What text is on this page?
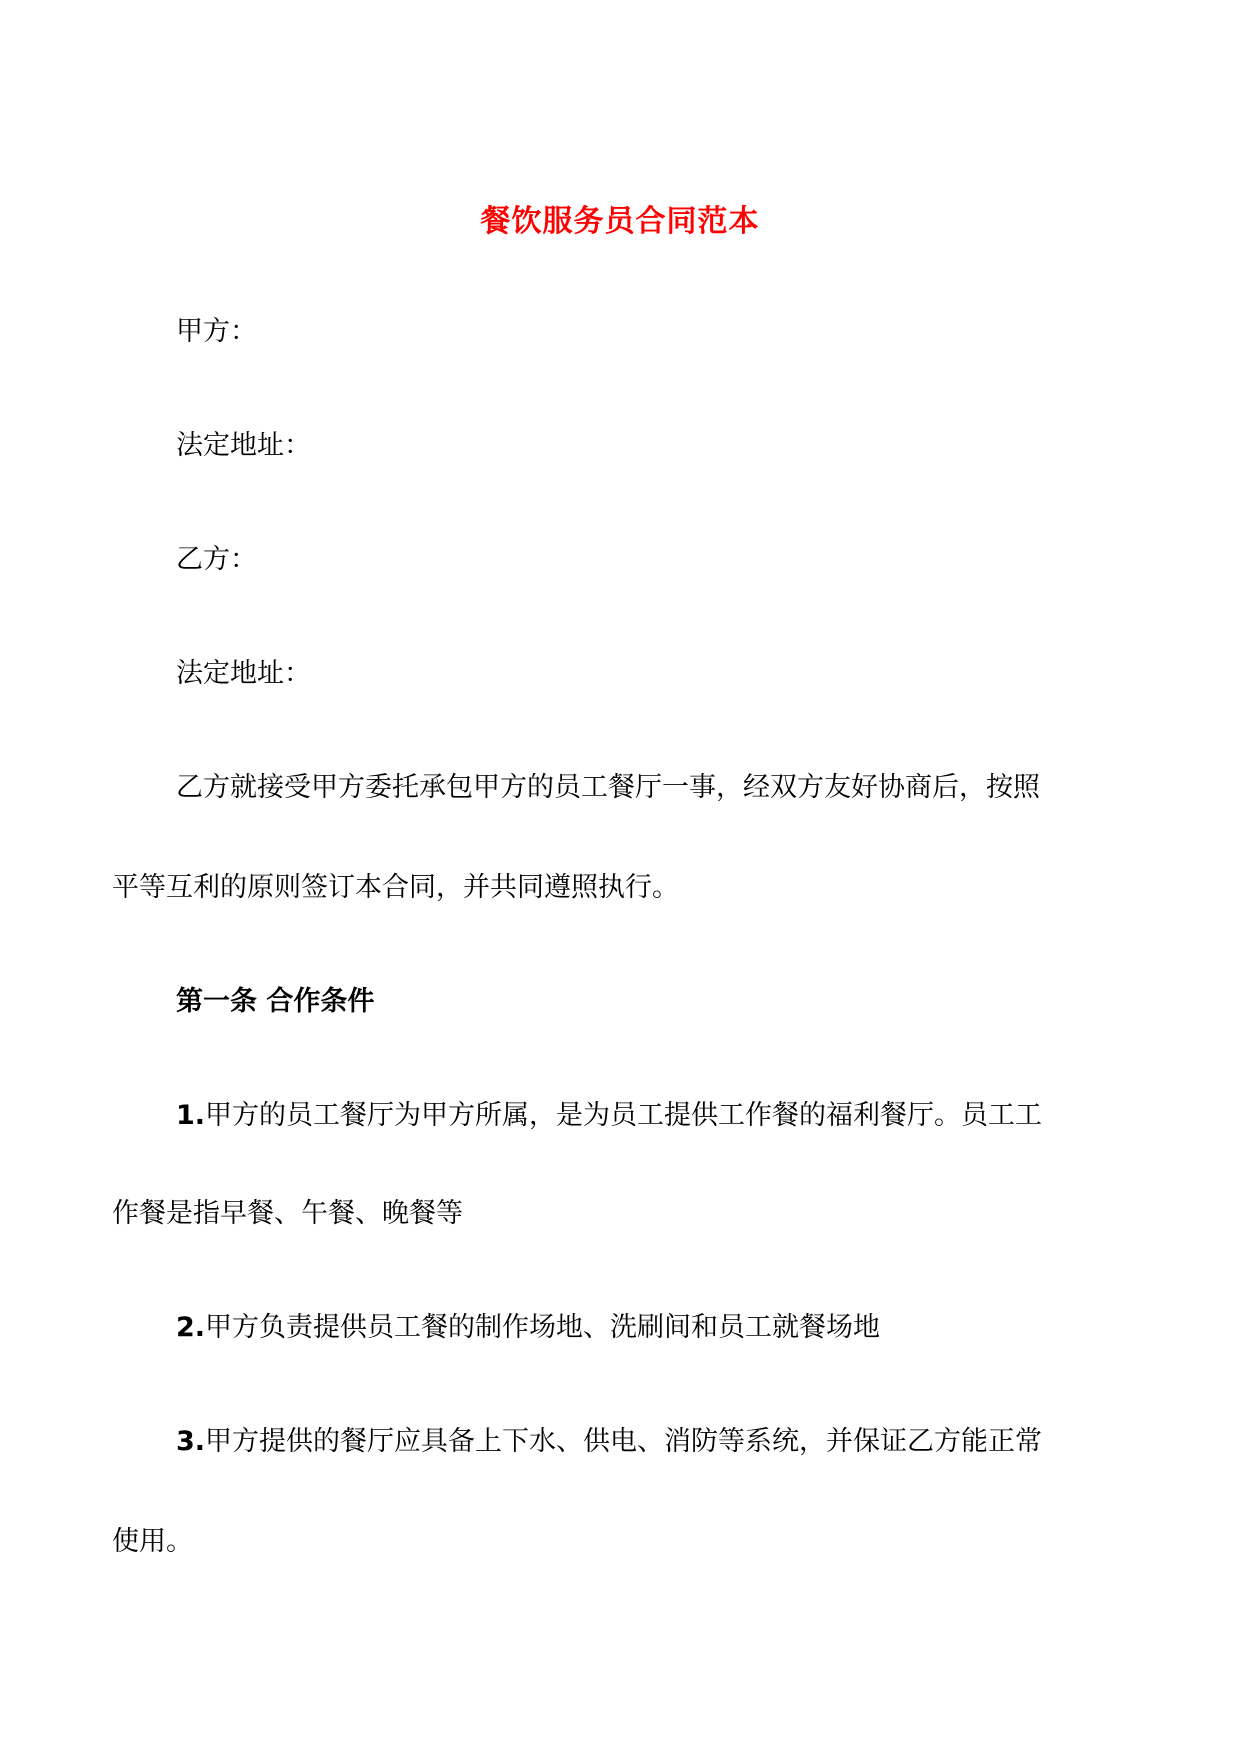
餐饮服务员合同范本
甲方：
法定地址：
乙方：
法定地址：
乙方就接受甲方委托承包甲方的员工餐厅一事，经双方友好协商后，按照
平等互利的原则签订本合同，并共同遵照执行。
第一条 合作条件
1.甲方的员工餐厅为甲方所属，是为员工提供工作餐的福利餐厅。员工工
作餐是指早餐、午餐、晚餐等
2.甲方负责提供员工餐的制作场地、洗刷间和员工就餐场地
3.甲方提供的餐厅应具备上下水、供电、消防等系统，并保证乙方能正常
使用。
